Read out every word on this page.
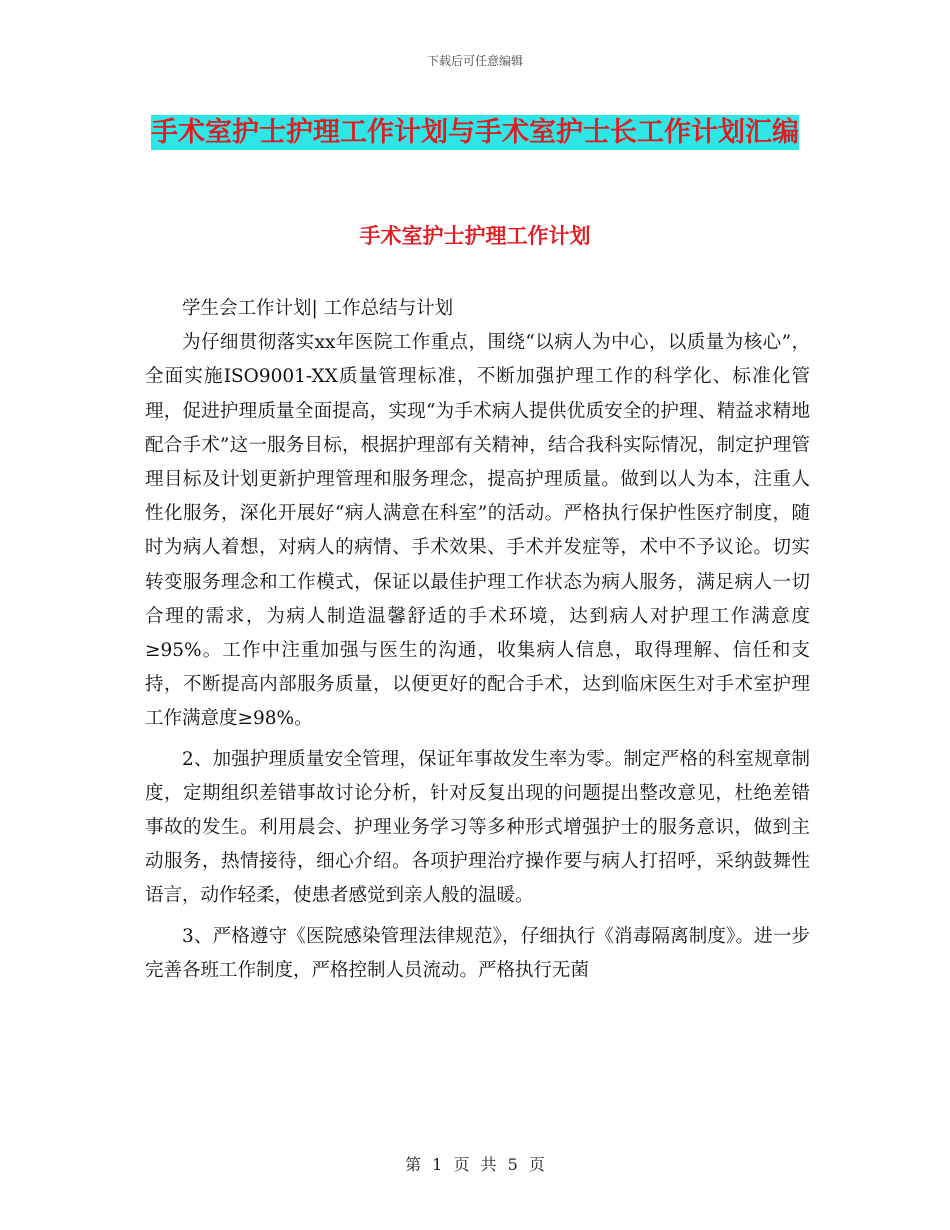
下载后可任意编辑
手术室护士护理工作计划与手术室护士长工作计划汇编
手术室护士护理工作计划

学生会工作计划| 工作总结与计划

为仔细贯彻落实xx年医院工作重点，围绕“以病人为中心，以质量为核心”，全面实施ISO9001-XX质量管理标准，不断加强护理工作的科学化、标准化管理，促进护理质量全面提高，实现“为手术病人提供优质安全的护理、精益求精地配合手术”这一服务目标，根据护理部有关精神，结合我科实际情况，制定护理管理目标及计划更新护理管理和服务理念，提高护理质量。做到以人为本，注重人性化服务，深化开展好“病人满意在科室”的活动。严格执行保护性医疗制度，随时为病人着想，对病人的病情、手术效果、手术并发症等，术中不予议论。切实转变服务理念和工作模式，保证以最佳护理工作状态为病人服务，满足病人一切合理的需求，为病人制造温馨舒适的手术环境，达到病人对护理工作满意度≥95%。工作中注重加强与医生的沟通，收集病人信息，取得理解、信任和支持，不断提高内部服务质量，以便更好的配合手术，达到临床医生对手术室护理工作满意度≥98%。

2、加强护理质量安全管理，保证年事故发生率为零。制定严格的科室规章制度，定期组织差错事故讨论分析，针对反复出现的问题提出整改意见，杜绝差错事故的发生。利用晨会、护理业务学习等多种形式增强护士的服务意识，做到主动服务，热情接待，细心介绍。各项护理治疗操作要与病人打招呼，采纳鼓舞性语言，动作轻柔，使患者感觉到亲人般的温暖。

3、严格遵守《医院感染管理法律规范》，仔细执行《消毒隔离制度》。进一步完善各班工作制度，严格控制人员流动。严格执行无菌

第 1 页 共 5 页
